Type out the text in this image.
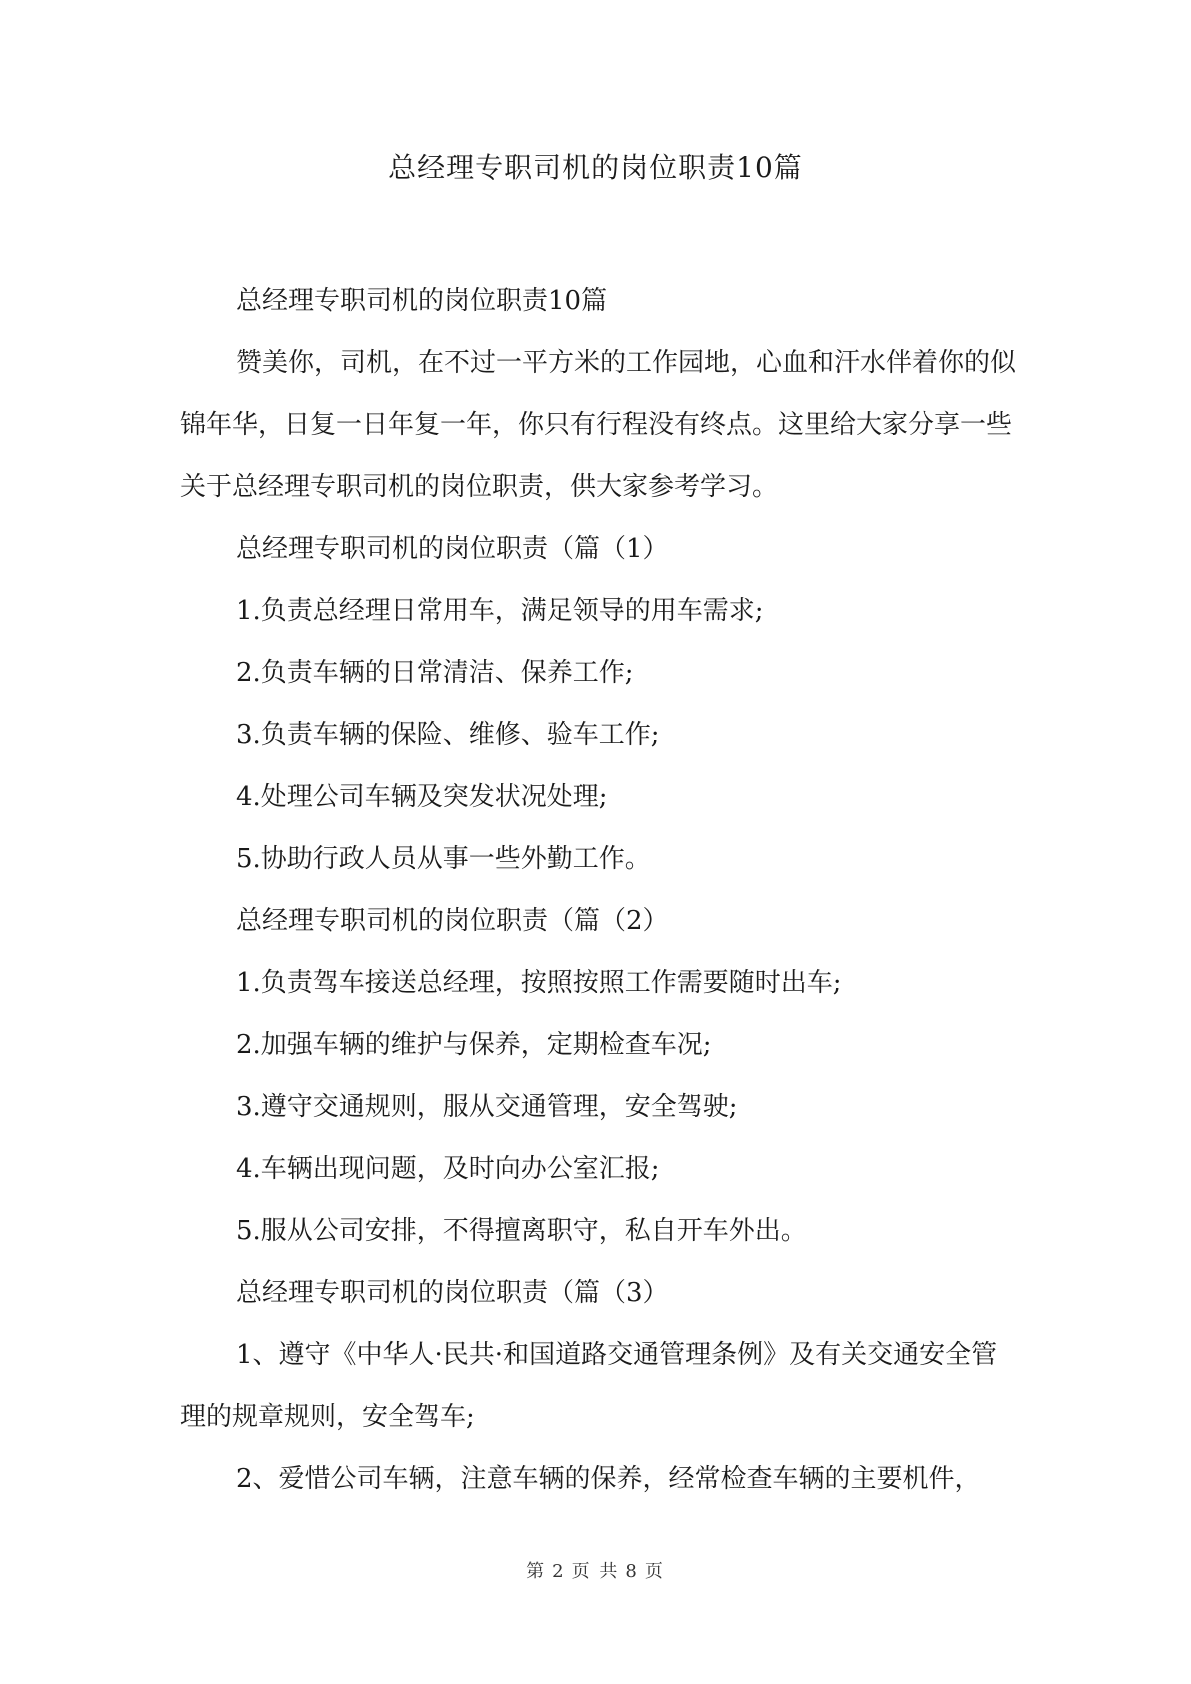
总经理专职司机的岗位职责10篇

总经理专职司机的岗位职责10篇

赞美你，司机，在不过一平方米的工作园地，心血和汗水伴着你的似锦年华，日复一日年复一年，你只有行程没有终点。这里给大家分享一些关于总经理专职司机的岗位职责，供大家参考学习。

总经理专职司机的岗位职责（篇（1）

1.负责总经理日常用车，满足领导的用车需求;

2.负责车辆的日常清洁、保养工作;

3.负责车辆的保险、维修、验车工作;

4.处理公司车辆及突发状况处理;

5.协助行政人员从事一些外勤工作。

总经理专职司机的岗位职责（篇（2）

1.负责驾车接送总经理，按照按照工作需要随时出车;

2.加强车辆的维护与保养，定期检查车况;

3.遵守交通规则，服从交通管理，安全驾驶;

4.车辆出现问题，及时向办公室汇报;

5.服从公司安排，不得擅离职守，私自开车外出。

总经理专职司机的岗位职责（篇（3）

1、遵守《中华人·民共·和国道路交通管理条例》及有关交通安全管理的规章规则，安全驾车;

2、爱惜公司车辆，注意车辆的保养，经常检查车辆的主要机件，

第 2 页 共 8 页
